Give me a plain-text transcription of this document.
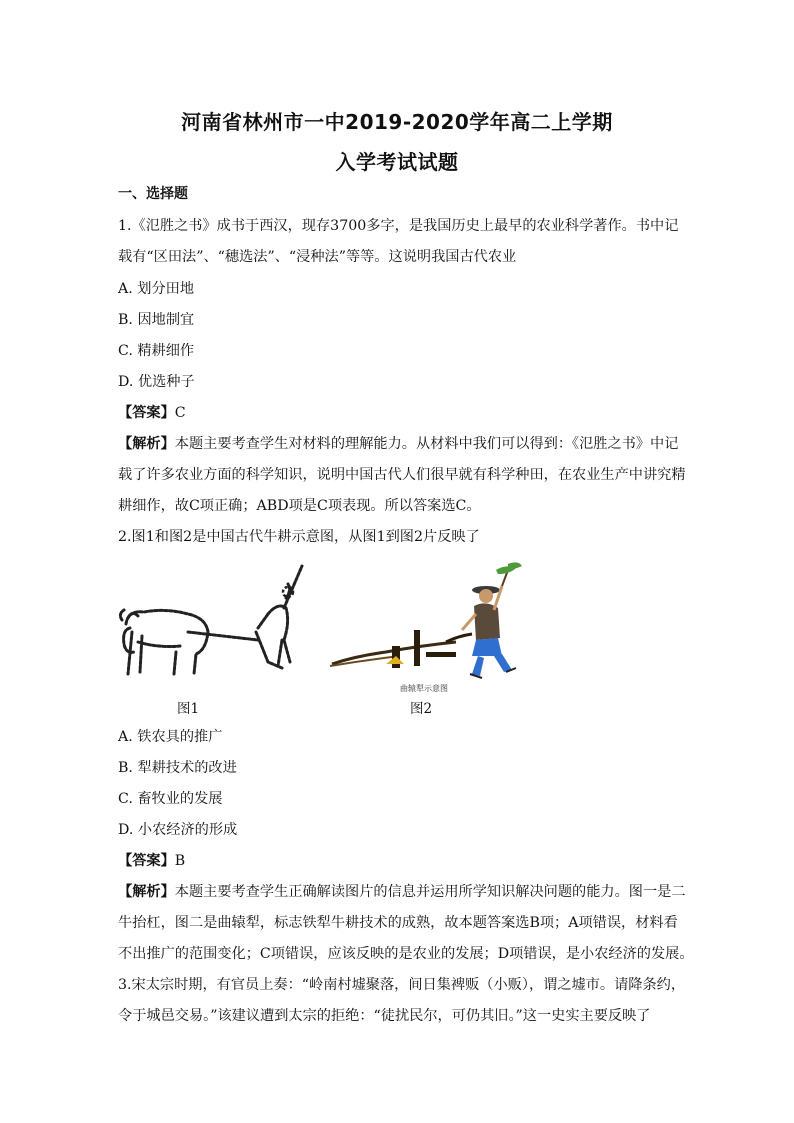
河南省林州市一中2019-2020学年高二上学期
入学考试试题
一、选择题
1.《氾胜之书》成书于西汉，现存3700多字，是我国历史上最早的农业科学著作。书中记
载有“区田法”、“穗选法”、“浸种法”等等。这说明我国古代农业
A. 划分田地
B. 因地制宜
C. 精耕细作
D. 优选种子
【答案】C
【解析】本题主要考查学生对材料的理解能力。从材料中我们可以得到：《氾胜之书》中记
载了许多农业方面的科学知识，说明中国古代人们很早就有科学种田，在农业生产中讲究精
耕细作，故C项正确；ABD项是C项表现。所以答案选C。
2.图1和图2是中国古代牛耕示意图，从图1到图2片反映了
曲辕犁示意图
图1	图2
A. 铁农具的推广
B. 犁耕技术的改进
C. 畜牧业的发展
D. 小农经济的形成
【答案】B
【解析】本题主要考查学生正确解读图片的信息并运用所学知识解决问题的能力。图一是二
牛抬杠，图二是曲辕犁，标志铁犁牛耕技术的成熟，故本题答案选B项；A项错误，材料看
不出推广的范围变化；C项错误，应该反映的是农业的发展；D项错误，是小农经济的发展。
3.宋太宗时期，有官员上奏：“岭南村墟聚落，间日集裨贩（小贩），谓之墟市。请降条约，
令于城邑交易。”该建议遭到太宗的拒绝：“徒扰民尔，可仍其旧。”这一史实主要反映了
